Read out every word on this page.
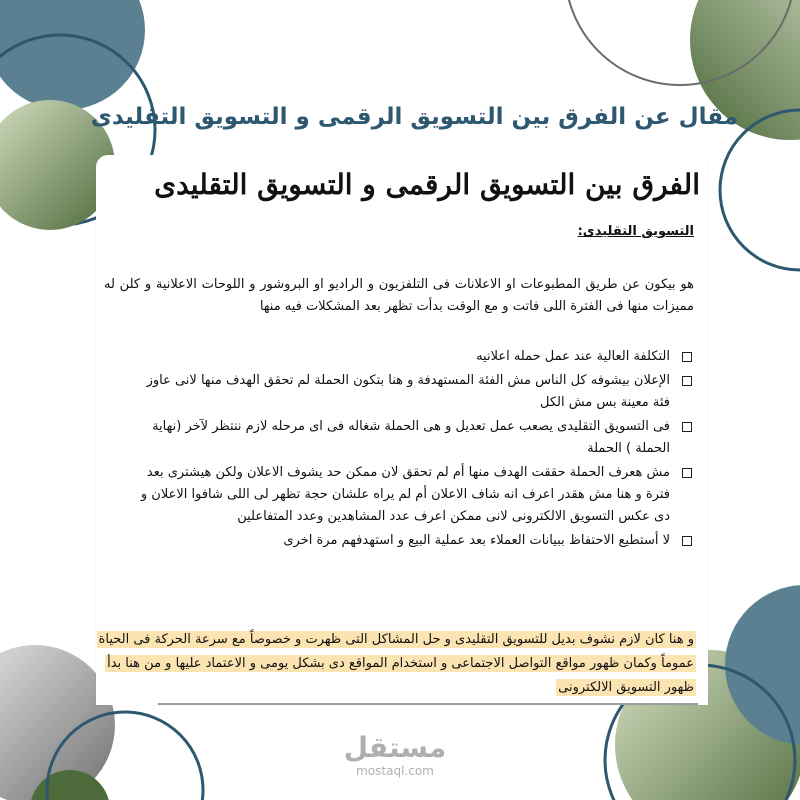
مقال عن الفرق بين التسويق الرقمى و التسويق التقليدى
الفرق بين التسويق الرقمى و التسويق التقليدى
التسويق التقليدى:

هو بيكون عن طريق المطبوعات او الاعلانات فى التلفزيون و الراديو او البروشور و اللوحات الاعلانية و كلن له مميزات منها فى الفترة اللى فاتت و مع الوقت بدأت تظهر بعد المشكلات فيه منها

التكلفة العالية عند عمل حمله اعلانيه
الإعلان بيشوفه كل الناس مش الفئة المستهدفة و هنا بتكون الحملة لم تحقق الهدف منها لانى عاوز فئة معينة بس مش الكل
فى التسويق التقليدى يصعب عمل تعديل و هى الحملة شغاله فى اى مرحله لازم ننتظر لآخر (نهاية الحملة ) الحملة
مش هعرف الحملة حققت الهدف منها أم لم تحقق لان ممكن حد يشوف الاعلان ولكن هيشترى بعد فترة و هنا مش هقدر اعرف انه شاف الاعلان أم لم يراه علشان حجة تظهر لى اللى شافوا الاعلان و دى عكس التسويق الالكترونى لانى ممكن اعرف عدد المشاهدين وعدد المتفاعلين
لا أستطيع الاحتفاظ ببيانات العملاء بعد عملية البيع و استهدفهم مرة اخرى

و هنا كان لازم نشوف بديل للتسويق التقليدى و حل المشاكل التى ظهرت و خصوصاً مع سرعة الحركة فى الحياة عموماً وكمان ظهور مواقع التواصل الاجتماعى و استخدام المواقع دى بشكل يومى و الاعتماد عليها و من هنا بدأ ظهور التسويق الالكترونى

مستقل
mostaql.com
